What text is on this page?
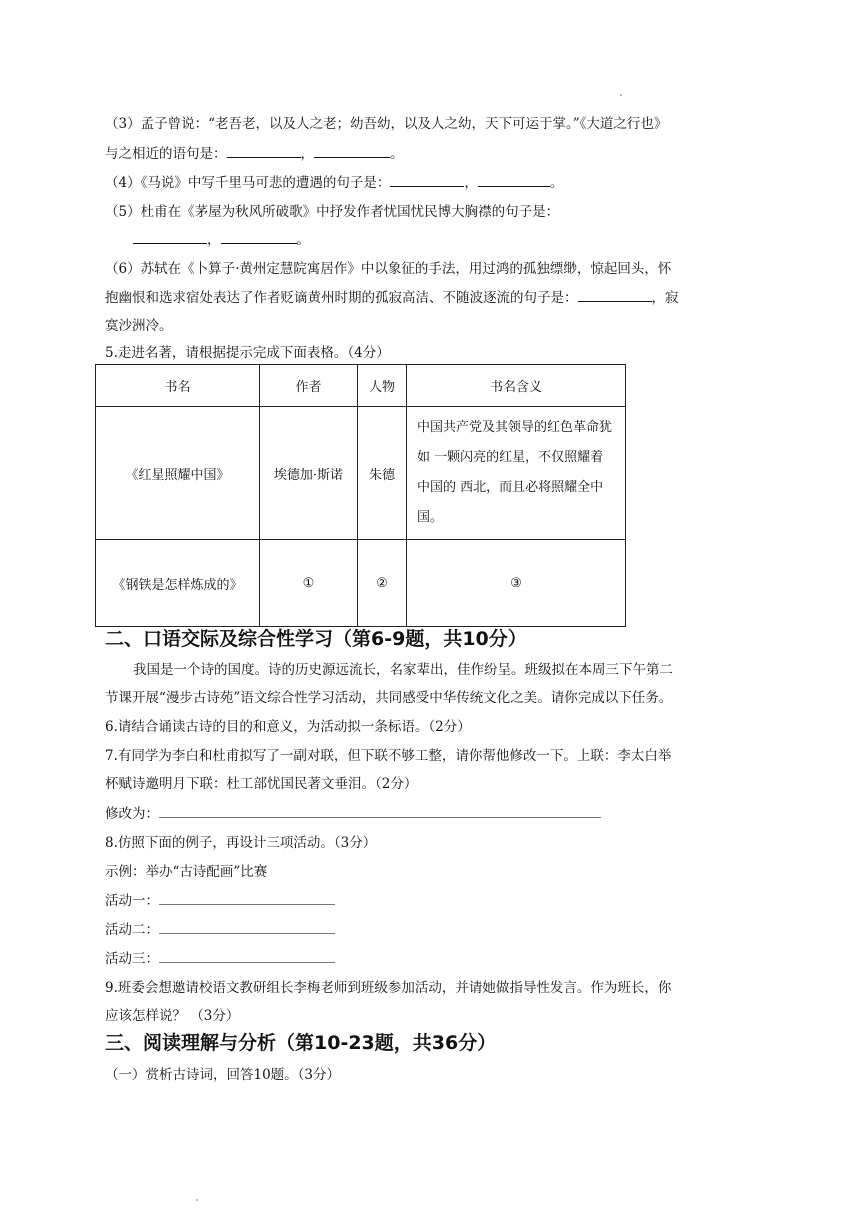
（3）孟子曾说：“老吾老，以及人之老；幼吾幼，以及人之幼，天下可运于掌。”《大道之行也》
与之相近的语句是：	，	。
（4）《马说》中写千里马可悲的遭遇的句子是：	，	。
（5）杜甫在《茅屋为秋风所破歌》中抒发作者忧国忧民博大胸襟的句子是：
，	。
（6）苏轼在《卜算子·黄州定慧院寓居作》中以象征的手法，用过鸿的孤独缥缈，惊起回头，怀
抱幽恨和选求宿处表达了作者贬谪黄州时期的孤寂高洁、不随波逐流的句子是：	，寂
寞沙洲冷。
5.走进名著，请根据提示完成下面表格。（4分）
书名	作者	人物	书名含义
《红星照耀中国》	埃德加·斯诺	朱德	中国共产党及其领导的红色革命犹如 一颗闪亮的红星，不仅照耀着中国的 西北，而且必将照耀全中国。
《钢铁是怎样炼成的》	①	②	③
二、口语交际及综合性学习（第6-9题，共10分）
我国是一个诗的国度。诗的历史源远流长，名家辈出，佳作纷呈。班级拟在本周三下午第二
节课开展“漫步古诗苑”语文综合性学习活动，共同感受中华传统文化之美。请你完成以下任务。
6.请结合诵读古诗的目的和意义，为活动拟一条标语。（2分）
7.有同学为李白和杜甫拟写了一副对联，但下联不够工整，请你帮他修改一下。上联：李太白举
杯赋诗邀明月下联：杜工部忧国民著文垂泪。（2分）
修改为：
8.仿照下面的例子，再设计三项活动。（3分）
示例：举办“古诗配画”比赛
活动一：
活动二：
活动三：
9.班委会想邀请校语文教研组长李梅老师到班级参加活动，并请她做指导性发言。作为班长，你
应该怎样说？ （3分）
三、阅读理解与分析（第10-23题，共36分）
（一）赏析古诗词，回答10题。（3分）
